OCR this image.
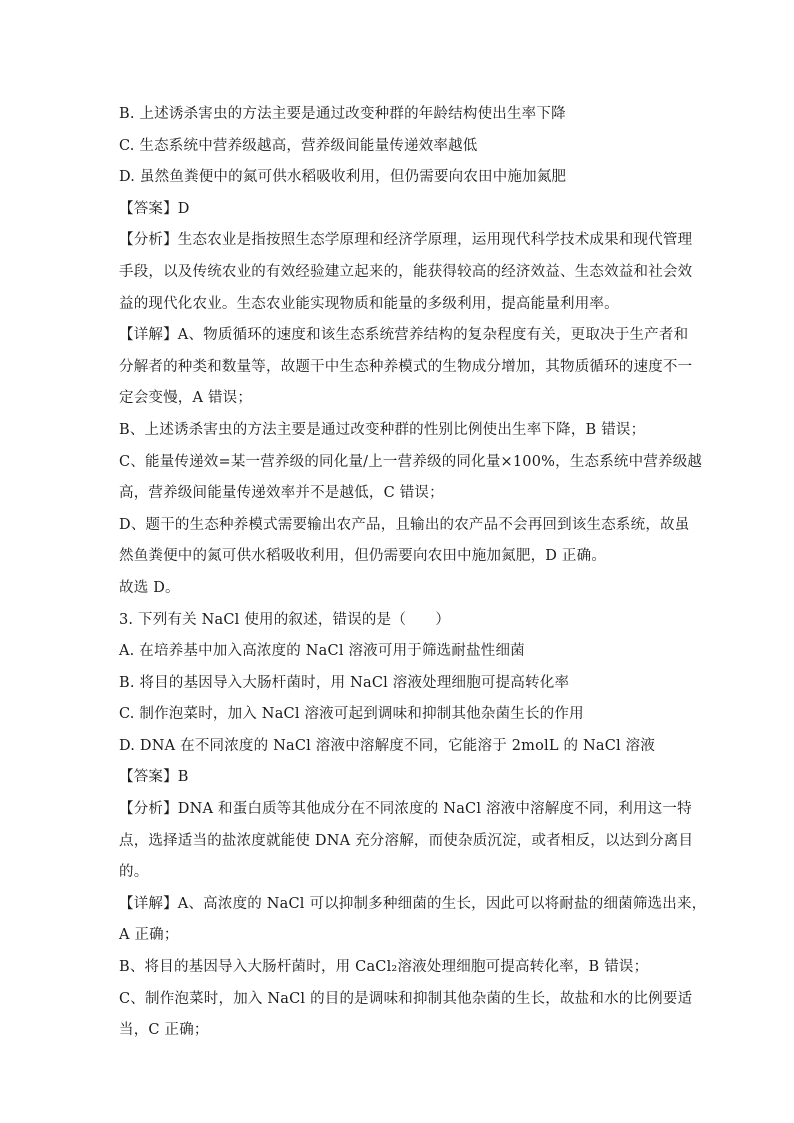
B. 上述诱杀害虫的方法主要是通过改变种群的年龄结构使出生率下降
C. 生态系统中营养级越高，营养级间能量传递效率越低
D. 虽然鱼粪便中的氮可供水稻吸收利用，但仍需要向农田中施加氮肥
【答案】D
【分析】生态农业是指按照生态学原理和经济学原理，运用现代科学技术成果和现代管理
手段，以及传统农业的有效经验建立起来的，能获得较高的经济效益、生态效益和社会效
益的现代化农业。生态农业能实现物质和能量的多级利用，提高能量利用率。
【详解】A、物质循环的速度和该生态系统营养结构的复杂程度有关，更取决于生产者和
分解者的种类和数量等，故题干中生态种养模式的生物成分增加，其物质循环的速度不一
定会变慢，A 错误；
B、上述诱杀害虫的方法主要是通过改变种群的性别比例使出生率下降，B 错误；
C、能量传递效=某一营养级的同化量/上一营养级的同化量×100%，生态系统中营养级越
高，营养级间能量传递效率并不是越低，C 错误；
D、题干的生态种养模式需要输出农产品，且输出的农产品不会再回到该生态系统，故虽
然鱼粪便中的氮可供水稻吸收利用，但仍需要向农田中施加氮肥，D 正确。
故选 D。
3. 下列有关 NaCl 使用的叙述，错误的是（　　）
A. 在培养基中加入高浓度的 NaCl 溶液可用于筛选耐盐性细菌
B. 将目的基因导入大肠杆菌时，用 NaCl 溶液处理细胞可提高转化率
C. 制作泡菜时，加入 NaCl 溶液可起到调味和抑制其他杂菌生长的作用
D. DNA 在不同浓度的 NaCl 溶液中溶解度不同，它能溶于 2molL 的 NaCl 溶液
【答案】B
【分析】DNA 和蛋白质等其他成分在不同浓度的 NaCl 溶液中溶解度不同，利用这一特
点，选择适当的盐浓度就能使 DNA 充分溶解，而使杂质沉淀，或者相反，以达到分离目
的。
【详解】A、高浓度的 NaCl 可以抑制多种细菌的生长，因此可以将耐盐的细菌筛选出来，
A 正确；
B、将目的基因导入大肠杆菌时，用 CaCl₂溶液处理细胞可提高转化率，B 错误；
C、制作泡菜时，加入 NaCl 的目的是调味和抑制其他杂菌的生长，故盐和水的比例要适
当，C 正确；
